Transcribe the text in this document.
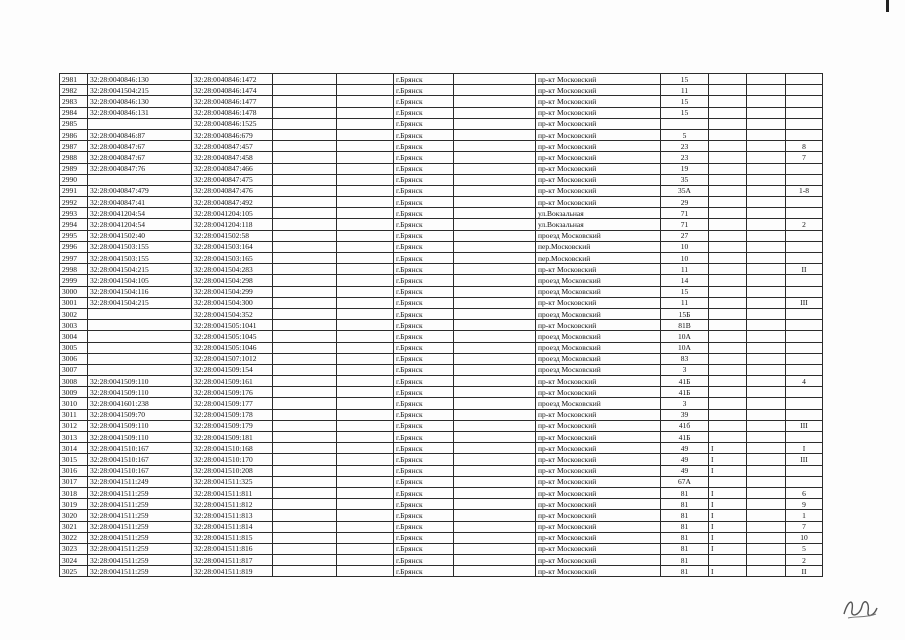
2981	32:28:0040846:130	32:28:0040846:1472			г.Брянск		пр-кт Московский	15			
2982	32:28:0041504:215	32:28:0040846:1474			г.Брянск		пр-кт Московский	11			
2983	32:28:0040846:130	32:28:0040846:1477			г.Брянск		пр-кт Московский	15			
2984	32:28:0040846:131	32:28:0040846:1478			г.Брянск		пр-кт Московский	15			
2985		32:28:0040846:1525			г.Брянск		пр-кт Московский				
2986	32:28:0040846:87	32:28:0040846:679			г.Брянск		пр-кт Московский	5			
2987	32:28:0040847:67	32:28:0040847:457			г.Брянск		пр-кт Московский	23			8
2988	32:28:0040847:67	32:28:0040847:458			г.Брянск		пр-кт Московский	23			7
2989	32:28:0040847:76	32:28:0040847:466			г.Брянск		пр-кт Московский	19			
2990		32:28:0040847:475			г.Брянск		пр-кт Московский	35			
2991	32:28:0040847:479	32:28:0040847:476			г.Брянск		пр-кт Московский	35А			1-8
2992	32:28:0040847:41	32:28:0040847:492			г.Брянск		пр-кт Московский	29			
2993	32:28:0041204:54	32:28:0041204:105			г.Брянск		ул.Вокзальная	71			
2994	32:28:0041204:54	32:28:0041204:118			г.Брянск		ул.Вокзальная	71			2
2995	32:28:0041502:40	32:28:0041502:58			г.Брянск		проезд Московский	27			
2996	32:28:0041503:155	32:28:0041503:164			г.Брянск		пер.Московский	10			
2997	32:28:0041503:155	32:28:0041503:165			г.Брянск		пер.Московский	10			
2998	32:28:0041504:215	32:28:0041504:283			г.Брянск		пр-кт Московский	11			II
2999	32:28:0041504:105	32:28:0041504:298			г.Брянск		проезд Московский	14			
3000	32:28:0041504:116	32:28:0041504:299			г.Брянск		проезд Московский	15			
3001	32:28:0041504:215	32:28:0041504:300			г.Брянск		пр-кт Московский	11			III
3002		32:28:0041504:352			г.Брянск		проезд Московский	15Б			
3003		32:28:0041505:1041			г.Брянск		пр-кт Московский	81В			
3004		32:28:0041505:1045			г.Брянск		проезд Московский	10А			
3005		32:28:0041505:1046			г.Брянск		проезд Московский	10А			
3006		32:28:0041507:1012			г.Брянск		проезд Московский	83			
3007		32:28:0041509:154			г.Брянск		проезд Московский	3			
3008	32:28:0041509:110	32:28:0041509:161			г.Брянск		пр-кт Московский	41Б			4
3009	32:28:0041509:110	32:28:0041509:176			г.Брянск		пр-кт Московский	41Б			
3010	32:28:0041601:238	32:28:0041509:177			г.Брянск		проезд Московский	3			
3011	32:28:0041509:70	32:28:0041509:178			г.Брянск		пр-кт Московский	39			
3012	32:28:0041509:110	32:28:0041509:179			г.Брянск		пр-кт Московский	41б			III
3013	32:28:0041509:110	32:28:0041509:181			г.Брянск		пр-кт Московский	41Б			
3014	32:28:0041510:167	32:28:0041510:168			г.Брянск		пр-кт Московский	49	I		I
3015	32:28:0041510:167	32:28:0041510:170			г.Брянск		пр-кт Московский	49	I		III
3016	32:28:0041510:167	32:28:0041510:208			г.Брянск		пр-кт Московский	49	I		
3017	32:28:0041511:249	32:28:0041511:325			г.Брянск		пр-кт Московский	67А			
3018	32:28:0041511:259	32:28:0041511:811			г.Брянск		пр-кт Московский	81	I		6
3019	32:28:0041511:259	32:28:0041511:812			г.Брянск		пр-кт Московский	81	I		9
3020	32:28:0041511:259	32:28:0041511:813			г.Брянск		пр-кт Московский	81	I		1
3021	32:28:0041511:259	32:28:0041511:814			г.Брянск		пр-кт Московский	81	I		7
3022	32:28:0041511:259	32:28:0041511:815			г.Брянск		пр-кт Московский	81	I		10
3023	32:28:0041511:259	32:28:0041511:816			г.Брянск		пр-кт Московский	81	I		5
3024	32:28:0041511:259	32:28:0041511:817			г.Брянск		пр-кт Московский	81			2
3025	32:28:0041511:259	32:28:0041511:819			г.Брянск		пр-кт Московский	81	I		II
